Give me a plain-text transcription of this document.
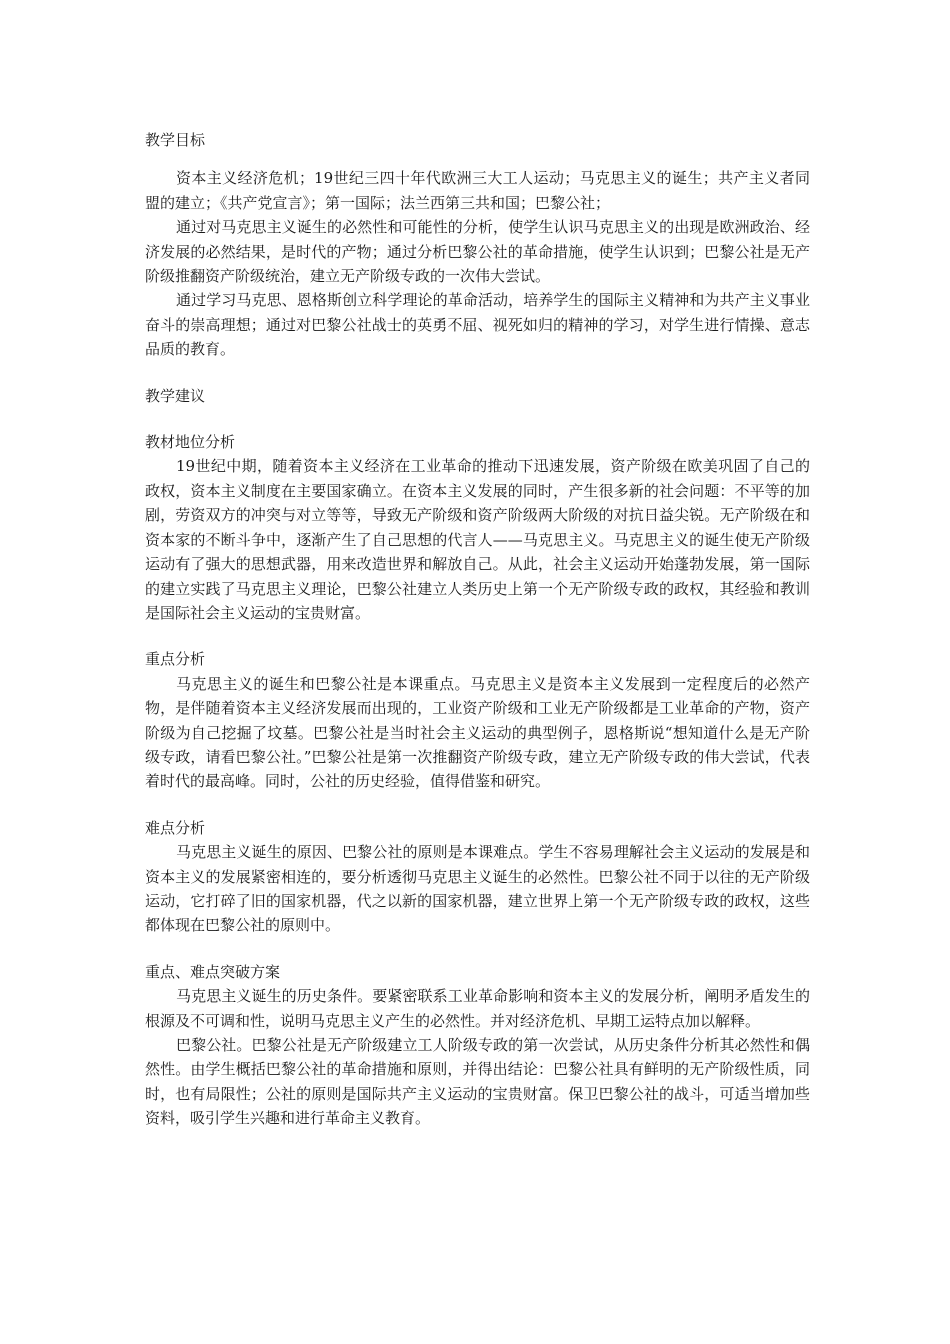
教学目标

资本主义经济危机；19世纪三四十年代欧洲三大工人运动；马克思主义的诞生；共产主义者同盟的建立；《共产党宣言》；第一国际；法兰西第三共和国；巴黎公社；

通过对马克思主义诞生的必然性和可能性的分析，使学生认识马克思主义的出现是欧洲政治、经济发展的必然结果，是时代的产物；通过分析巴黎公社的革命措施，使学生认识到；巴黎公社是无产阶级推翻资产阶级统治，建立无产阶级专政的一次伟大尝试。

通过学习马克思、恩格斯创立科学理论的革命活动，培养学生的国际主义精神和为共产主义事业奋斗的崇高理想；通过对巴黎公社战士的英勇不屈、视死如归的精神的学习，对学生进行情操、意志品质的教育。

教学建议
教材地位分析

19世纪中期，随着资本主义经济在工业革命的推动下迅速发展，资产阶级在欧美巩固了自己的政权，资本主义制度在主要国家确立。在资本主义发展的同时，产生很多新的社会问题：不平等的加剧，劳资双方的冲突与对立等等，导致无产阶级和资产阶级两大阶级的对抗日益尖锐。无产阶级在和资本家的不断斗争中，逐渐产生了自己思想的代言人——马克思主义。马克思主义的诞生使无产阶级运动有了强大的思想武器，用来改造世界和解放自己。从此，社会主义运动开始蓬勃发展，第一国际的建立实践了马克思主义理论，巴黎公社建立人类历史上第一个无产阶级专政的政权，其经验和教训是国际社会主义运动的宝贵财富。

重点分析

马克思主义的诞生和巴黎公社是本课重点。马克思主义是资本主义发展到一定程度后的必然产物，是伴随着资本主义经济发展而出现的，工业资产阶级和工业无产阶级都是工业革命的产物，资产阶级为自己挖掘了坟墓。巴黎公社是当时社会主义运动的典型例子，恩格斯说“想知道什么是无产阶级专政，请看巴黎公社。”巴黎公社是第一次推翻资产阶级专政，建立无产阶级专政的伟大尝试，代表着时代的最高峰。同时，公社的历史经验，值得借鉴和研究。

难点分析

马克思主义诞生的原因、巴黎公社的原则是本课难点。学生不容易理解社会主义运动的发展是和资本主义的发展紧密相连的，要分析透彻马克思主义诞生的必然性。巴黎公社不同于以往的无产阶级运动，它打碎了旧的国家机器，代之以新的国家机器，建立世界上第一个无产阶级专政的政权，这些都体现在巴黎公社的原则中。

重点、难点突破方案

马克思主义诞生的历史条件。要紧密联系工业革命影响和资本主义的发展分析，阐明矛盾发生的根源及不可调和性，说明马克思主义产生的必然性。并对经济危机、早期工运特点加以解释。

巴黎公社。巴黎公社是无产阶级建立工人阶级专政的第一次尝试，从历史条件分析其必然性和偶然性。由学生概括巴黎公社的革命措施和原则，并得出结论：巴黎公社具有鲜明的无产阶级性质，同时，也有局限性；公社的原则是国际共产主义运动的宝贵财富。保卫巴黎公社的战斗，可适当增加些资料，吸引学生兴趣和进行革命主义教育。
